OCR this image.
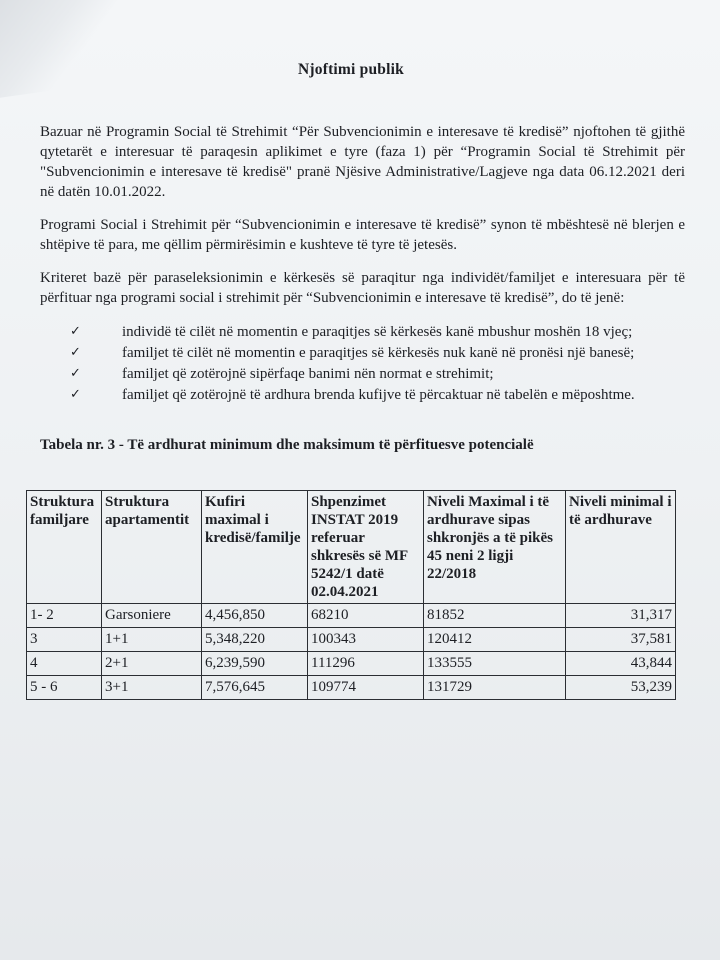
Njoftimi publik
Bazuar në Programin Social të Strehimit “Për Subvencionimin e interesave të kredisë” njoftohen të gjithë qytetarët e interesuar të paraqesin aplikimet e tyre (faza 1) për “Programin Social të Strehimit për "Subvencionimin e interesave të kredisë" pranë Njësive Administrative/Lagjeve nga data 06.12.2021 deri në datën 10.01.2022.
Programi Social i Strehimit për “Subvencionimin e interesave të kredisë” synon të mbështesë në blerjen e shtëpive të para, me qëllim përmirësimin e kushteve të tyre të jetesës.
Kriteret bazë për paraseleksionimin e kërkesës së paraqitur nga individët/familjet e interesuara për të përfituar nga programi social i strehimit për “Subvencionimin e interesave të kredisë”, do të jenë:
✓	individë të cilët në momentin e paraqitjes së kërkesës kanë mbushur moshën 18 vjeç;
✓	familjet të cilët në momentin e paraqitjes së kërkesës nuk kanë në pronësi një banesë;
✓	familjet që zotërojnë sipërfaqe banimi nën normat e strehimit;
✓	familjet që zotërojnë të ardhura brenda kufijve të përcaktuar në tabelën e mëposhtme.
Tabela nr. 3 - Të ardhurat minimum dhe maksimum të përfituesve potencialë
Struktura familjare	Struktura apartamentit	Kufiri maximal i kredisë/familje	Shpenzimet INSTAT 2019 referuar shkresës së MF 5242/1 datë 02.04.2021	Niveli Maximal i të ardhurave sipas shkronjës a të pikës 45 neni 2 ligji 22/2018	Niveli minimal i të ardhurave
1- 2	Garsoniere	4,456,850	68210	81852	31,317
3	1+1	5,348,220	100343	120412	37,581
4	2+1	6,239,590	111296	133555	43,844
5 - 6	3+1	7,576,645	109774	131729	53,239
